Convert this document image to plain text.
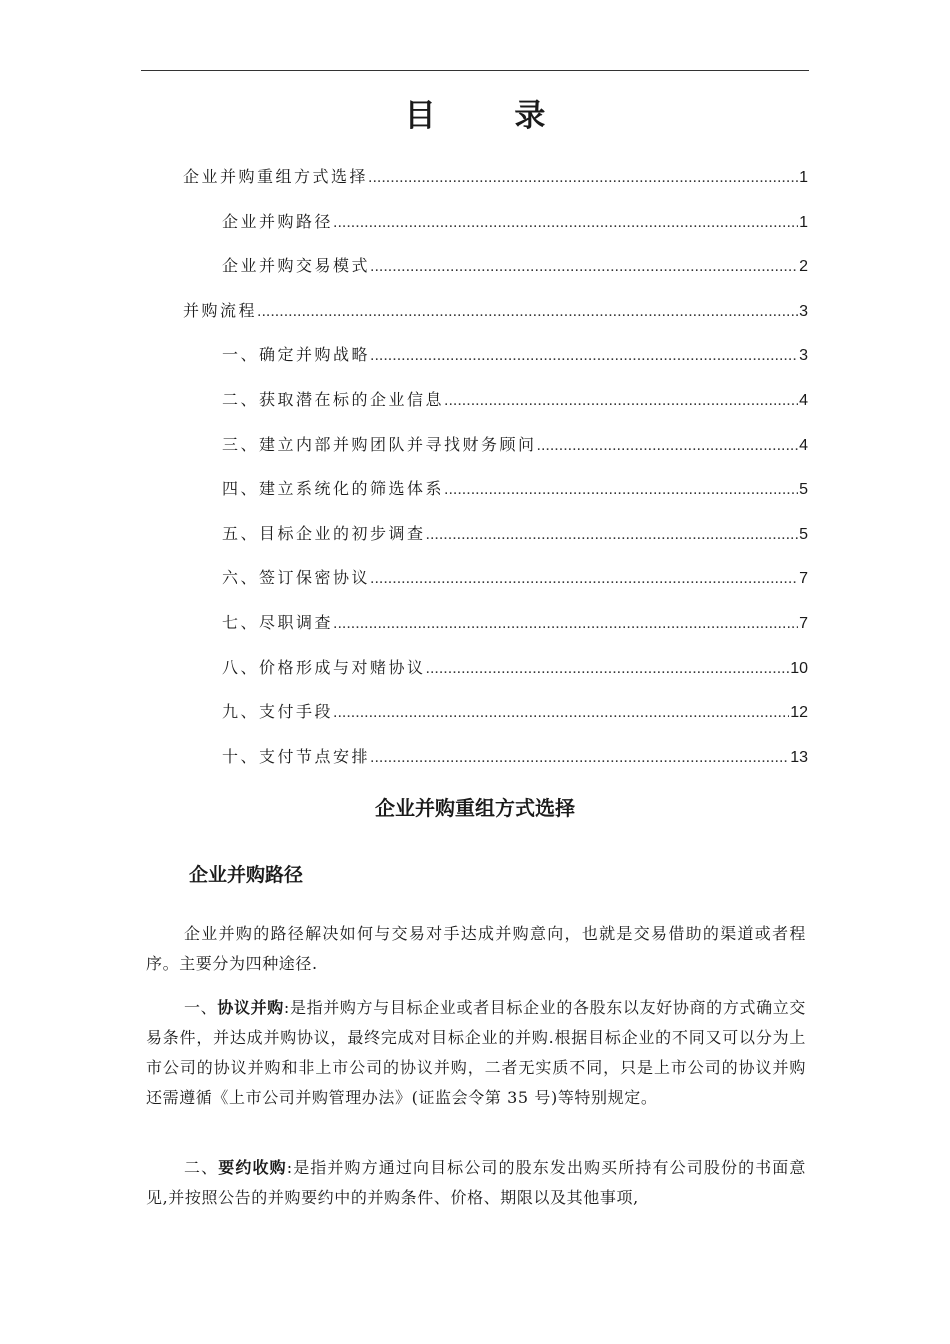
目 录
企业并购重组方式选择 .....	1
企业并购路径 .....	1
企业并购交易模式 .....	2
并购流程 .....	3
一、确定并购战略 .....	3
二、获取潜在标的企业信息 .....	4
三、建立内部并购团队并寻找财务顾问 .....	4
四、建立系统化的筛选体系 .....	5
五、目标企业的初步调查 .....	5
六、签订保密协议 .....	7
七、尽职调查 .....	7
八、价格形成与对赌协议 .....	10
九、支付手段 .....	12
十、支付节点安排 .....	13
企业并购重组方式选择
企业并购路径
企业并购的路径解决如何与交易对手达成并购意向，也就是交易借助的渠道或者程序。主要分为四种途径.
一、协议并购:是指并购方与目标企业或者目标企业的各股东以友好协商的方式确立交易条件，并达成并购协议，最终完成对目标企业的并购.根据目标企业的不同又可以分为上市公司的协议并购和非上市公司的协议并购，二者无实质不同，只是上市公司的协议并购还需遵循《上市公司并购管理办法》(证监会令第 35 号)等特别规定。
二、要约收购:是指并购方通过向目标公司的股东发出购买所持有公司股份的书面意见,并按照公告的并购要约中的并购条件、价格、期限以及其他事项,
